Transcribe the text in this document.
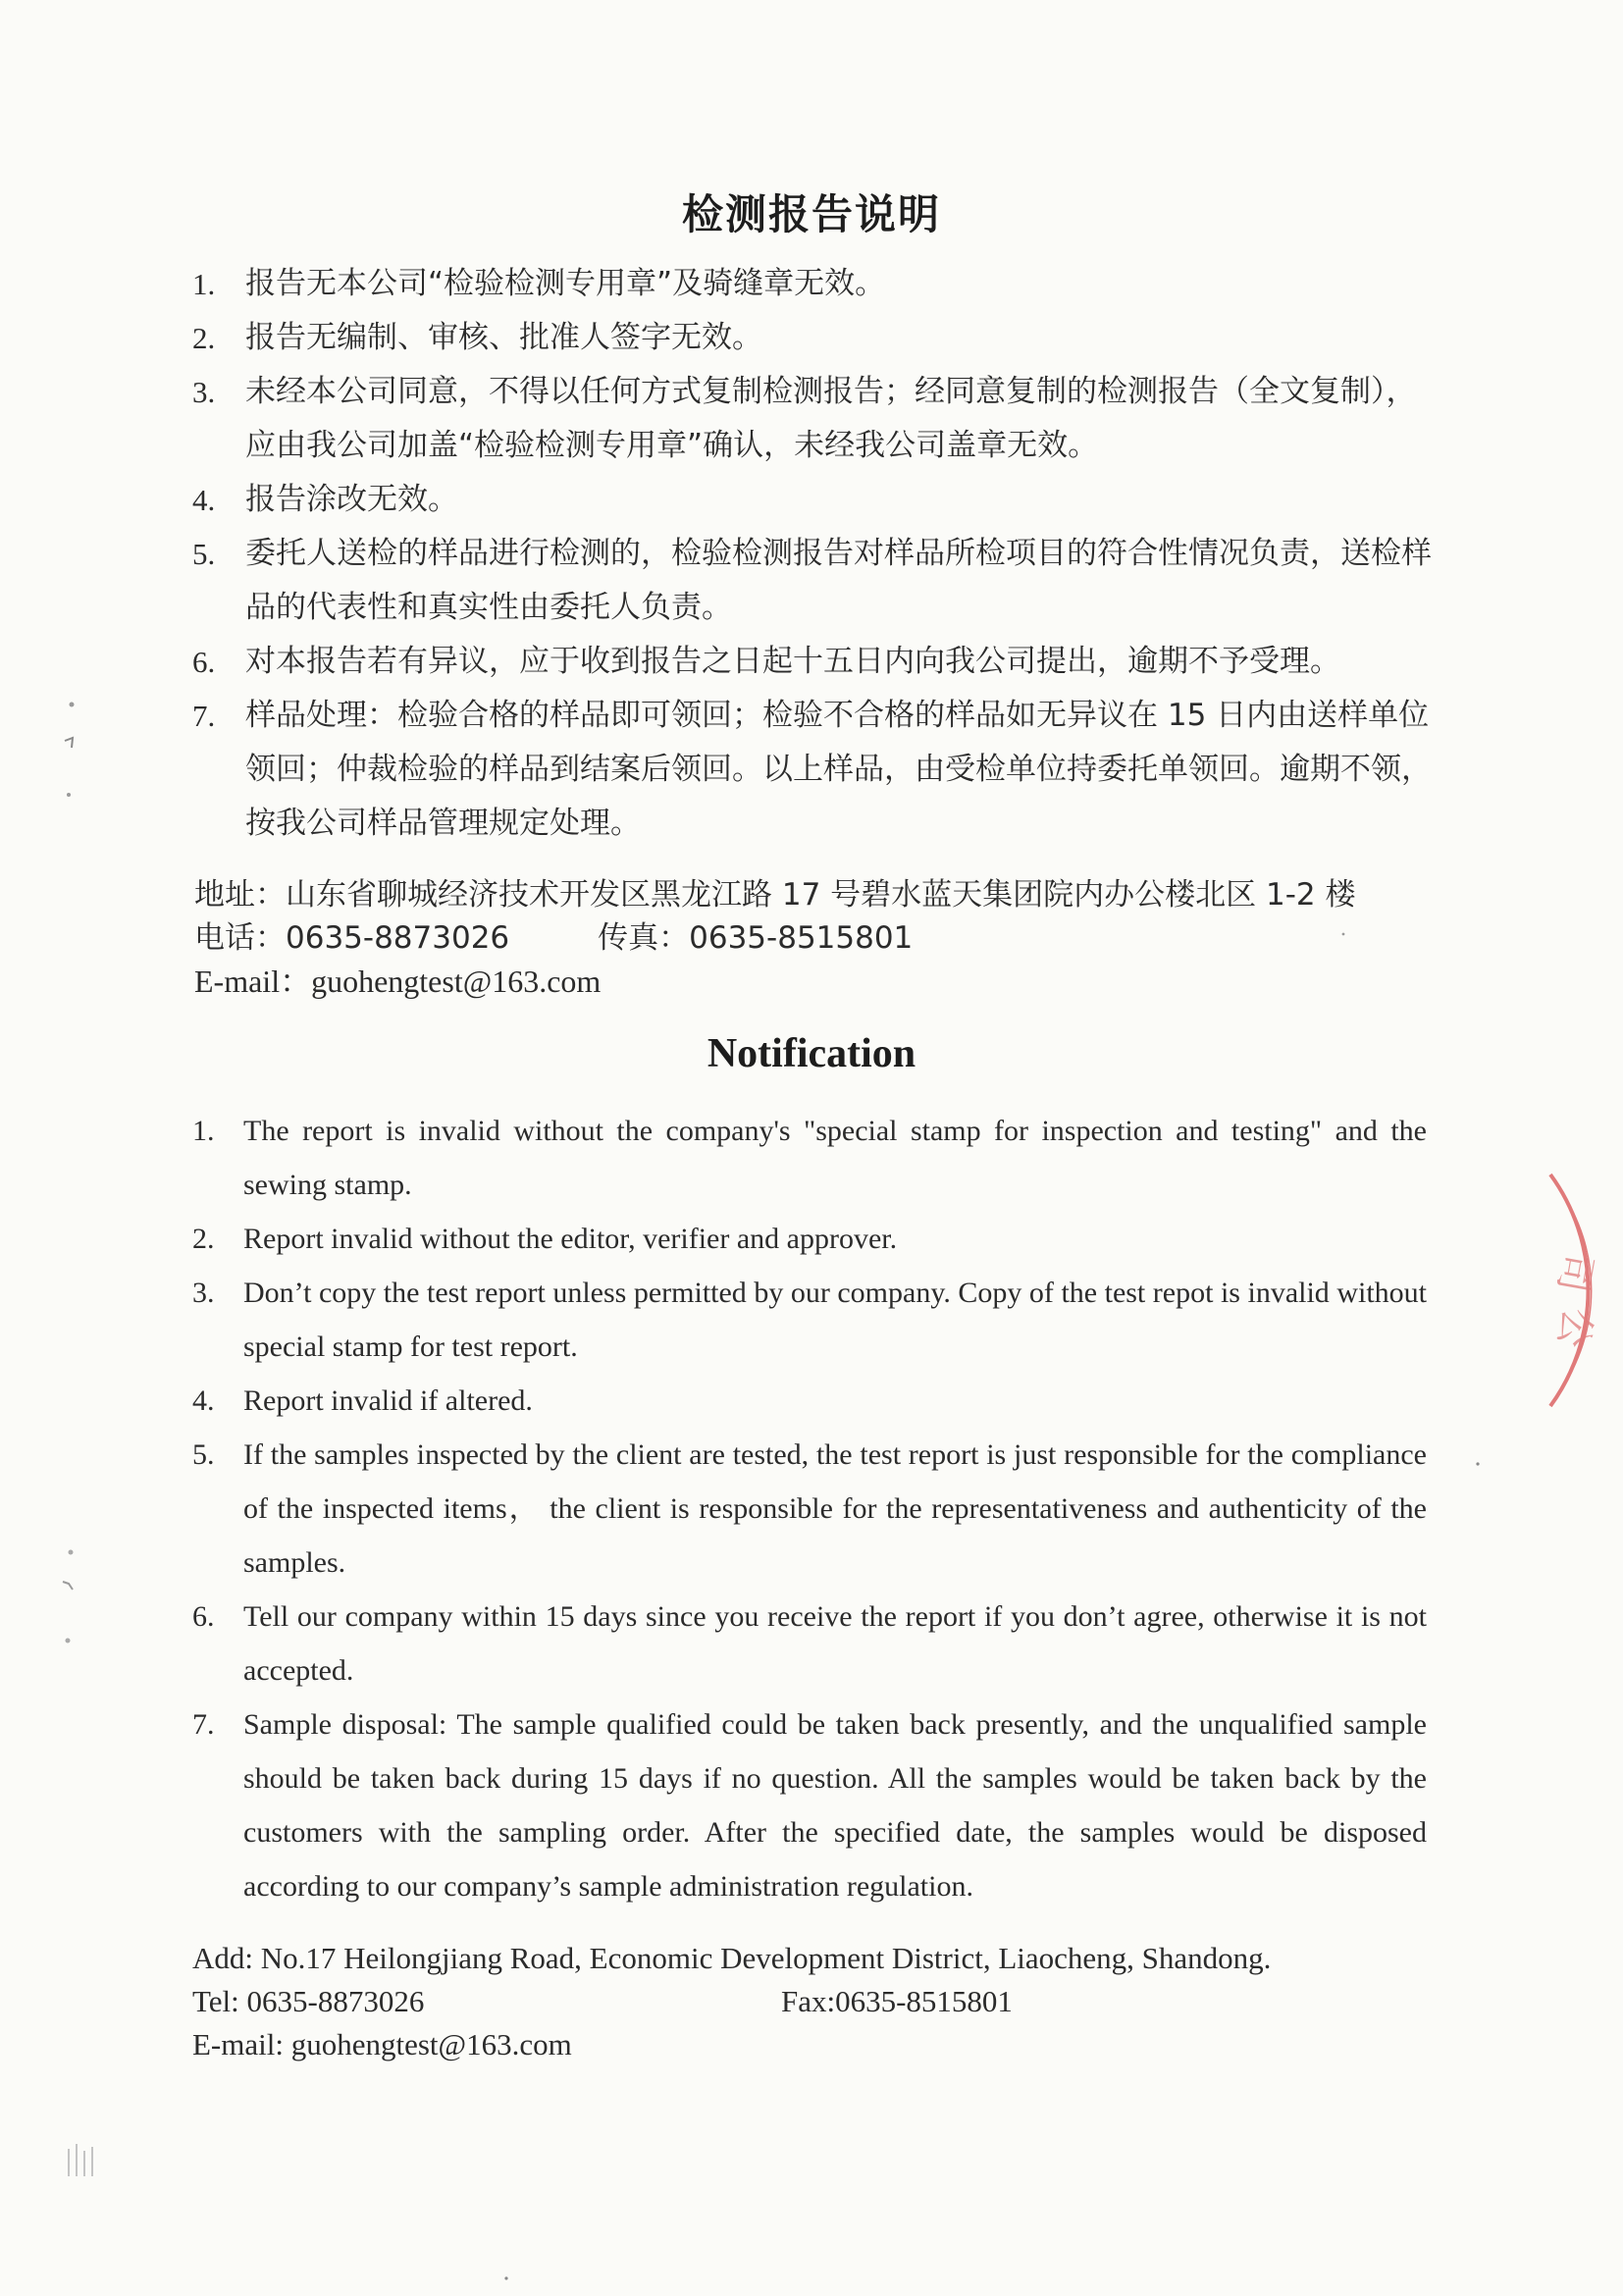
检测报告说明
1. 报告无本公司“检验检测专用章”及骑缝章无效。
2. 报告无编制、审核、批准人签字无效。
3. 未经本公司同意，不得以任何方式复制检测报告；经同意复制的检测报告（全文复制），应由我公司加盖“检验检测专用章”确认，未经我公司盖章无效。
4. 报告涂改无效。
5. 委托人送检的样品进行检测的，检验检测报告对样品所检项目的符合性情况负责，送检样品的代表性和真实性由委托人负责。
6. 对本报告若有异议，应于收到报告之日起十五日内向我公司提出，逾期不予受理。
7. 样品处理：检验合格的样品即可领回；检验不合格的样品如无异议在 15 日内由送样单位领回；仲裁检验的样品到结案后领回。以上样品，由受检单位持委托单领回。逾期不领，按我公司样品管理规定处理。
地址：山东省聊城经济技术开发区黑龙江路 17 号碧水蓝天集团院内办公楼北区 1-2 楼
电话：0635-8873026	传真：0635-8515801
E-mail：guohengtest@163.com
Notification
1. The report is invalid without the company's "special stamp for inspection and testing" and the sewing stamp.
2. Report invalid without the editor, verifier and approver.
3. Don’t copy the test report unless permitted by our company. Copy of the test repot is invalid without special stamp for test report.
4. Report invalid if altered.
5. If the samples inspected by the client are tested, the test report is just responsible for the compliance of the inspected items， the client is responsible for the representativeness and authenticity of the samples.
6. Tell our company within 15 days since you receive the report if you don’t agree, otherwise it is not accepted.
7. Sample disposal: The sample qualified could be taken back presently, and the unqualified sample should be taken back during 15 days if no question. All the samples would be taken back by the customers with the sampling order. After the specified date, the samples would be disposed according to our company’s sample administration regulation.
Add: No.17 Heilongjiang Road, Economic Development District, Liaocheng, Shandong.
Tel: 0635-8873026	Fax:0635-8515801
E-mail: guohengtest@163.com
司
公
